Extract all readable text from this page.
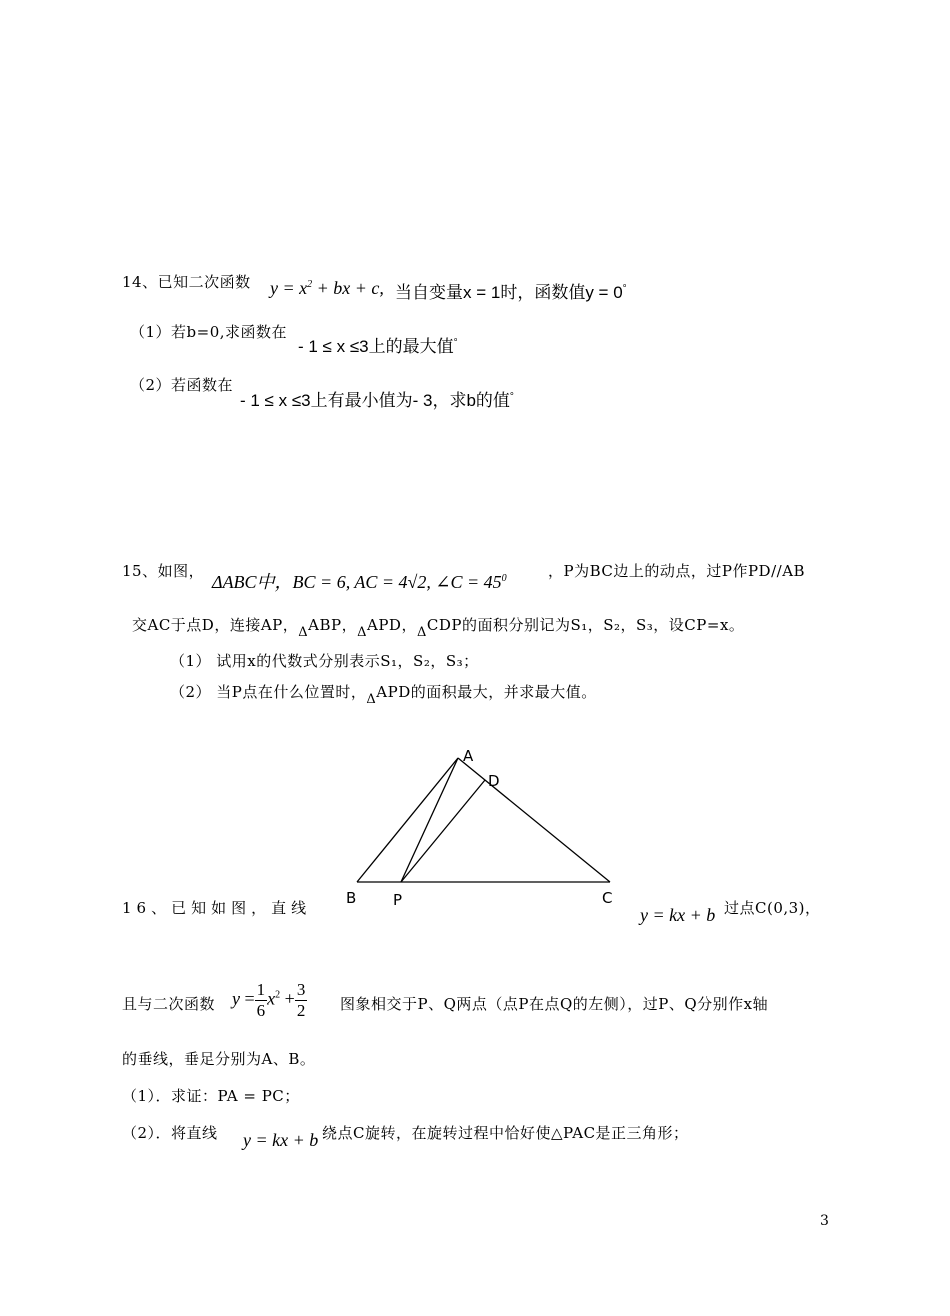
14、已知二次函数 $y = x^2$ + bx + c, 当自变量x = 1时，函数值y = 0°
（1）若b=0,求函数在
- 1 ≤ x ≤3上的最大值°
（2）若函数在
- 1 ≤ x ≤3上有最小值为- 3，求b的值°
15、如图，
ΔABC中，BC = 6, AC = 4√2, ∠C = $45^0$	，P为BC边上的动点，过P作PD//AB
交AC于点D，连接AP，ΔABP，ΔAPD，ΔCDP的面积分别记为S₁，S₂，S₃，设CP=x。
（1） 试用x的代数式分别表示S₁，S₂，S₃；
（2） 当P点在什么位置时，ΔAPD的面积最大，并求最大值。
A
D
B P	C
16、已知如图，直线	y = kx + b 过点C(0,3)，
且与二次函数 $y = \frac{1}{6} x^2 + \frac{3}{2}$ 图象相交于P、Q两点（点P在点Q的左侧），过P、Q分别作x轴
的垂线，垂足分别为A、B。
（1）．求证：PA = PC；
（2）．将直线 y = kx + b 绕点C旋转，在旋转过程中恰好使△PAC是正三角形；
3
